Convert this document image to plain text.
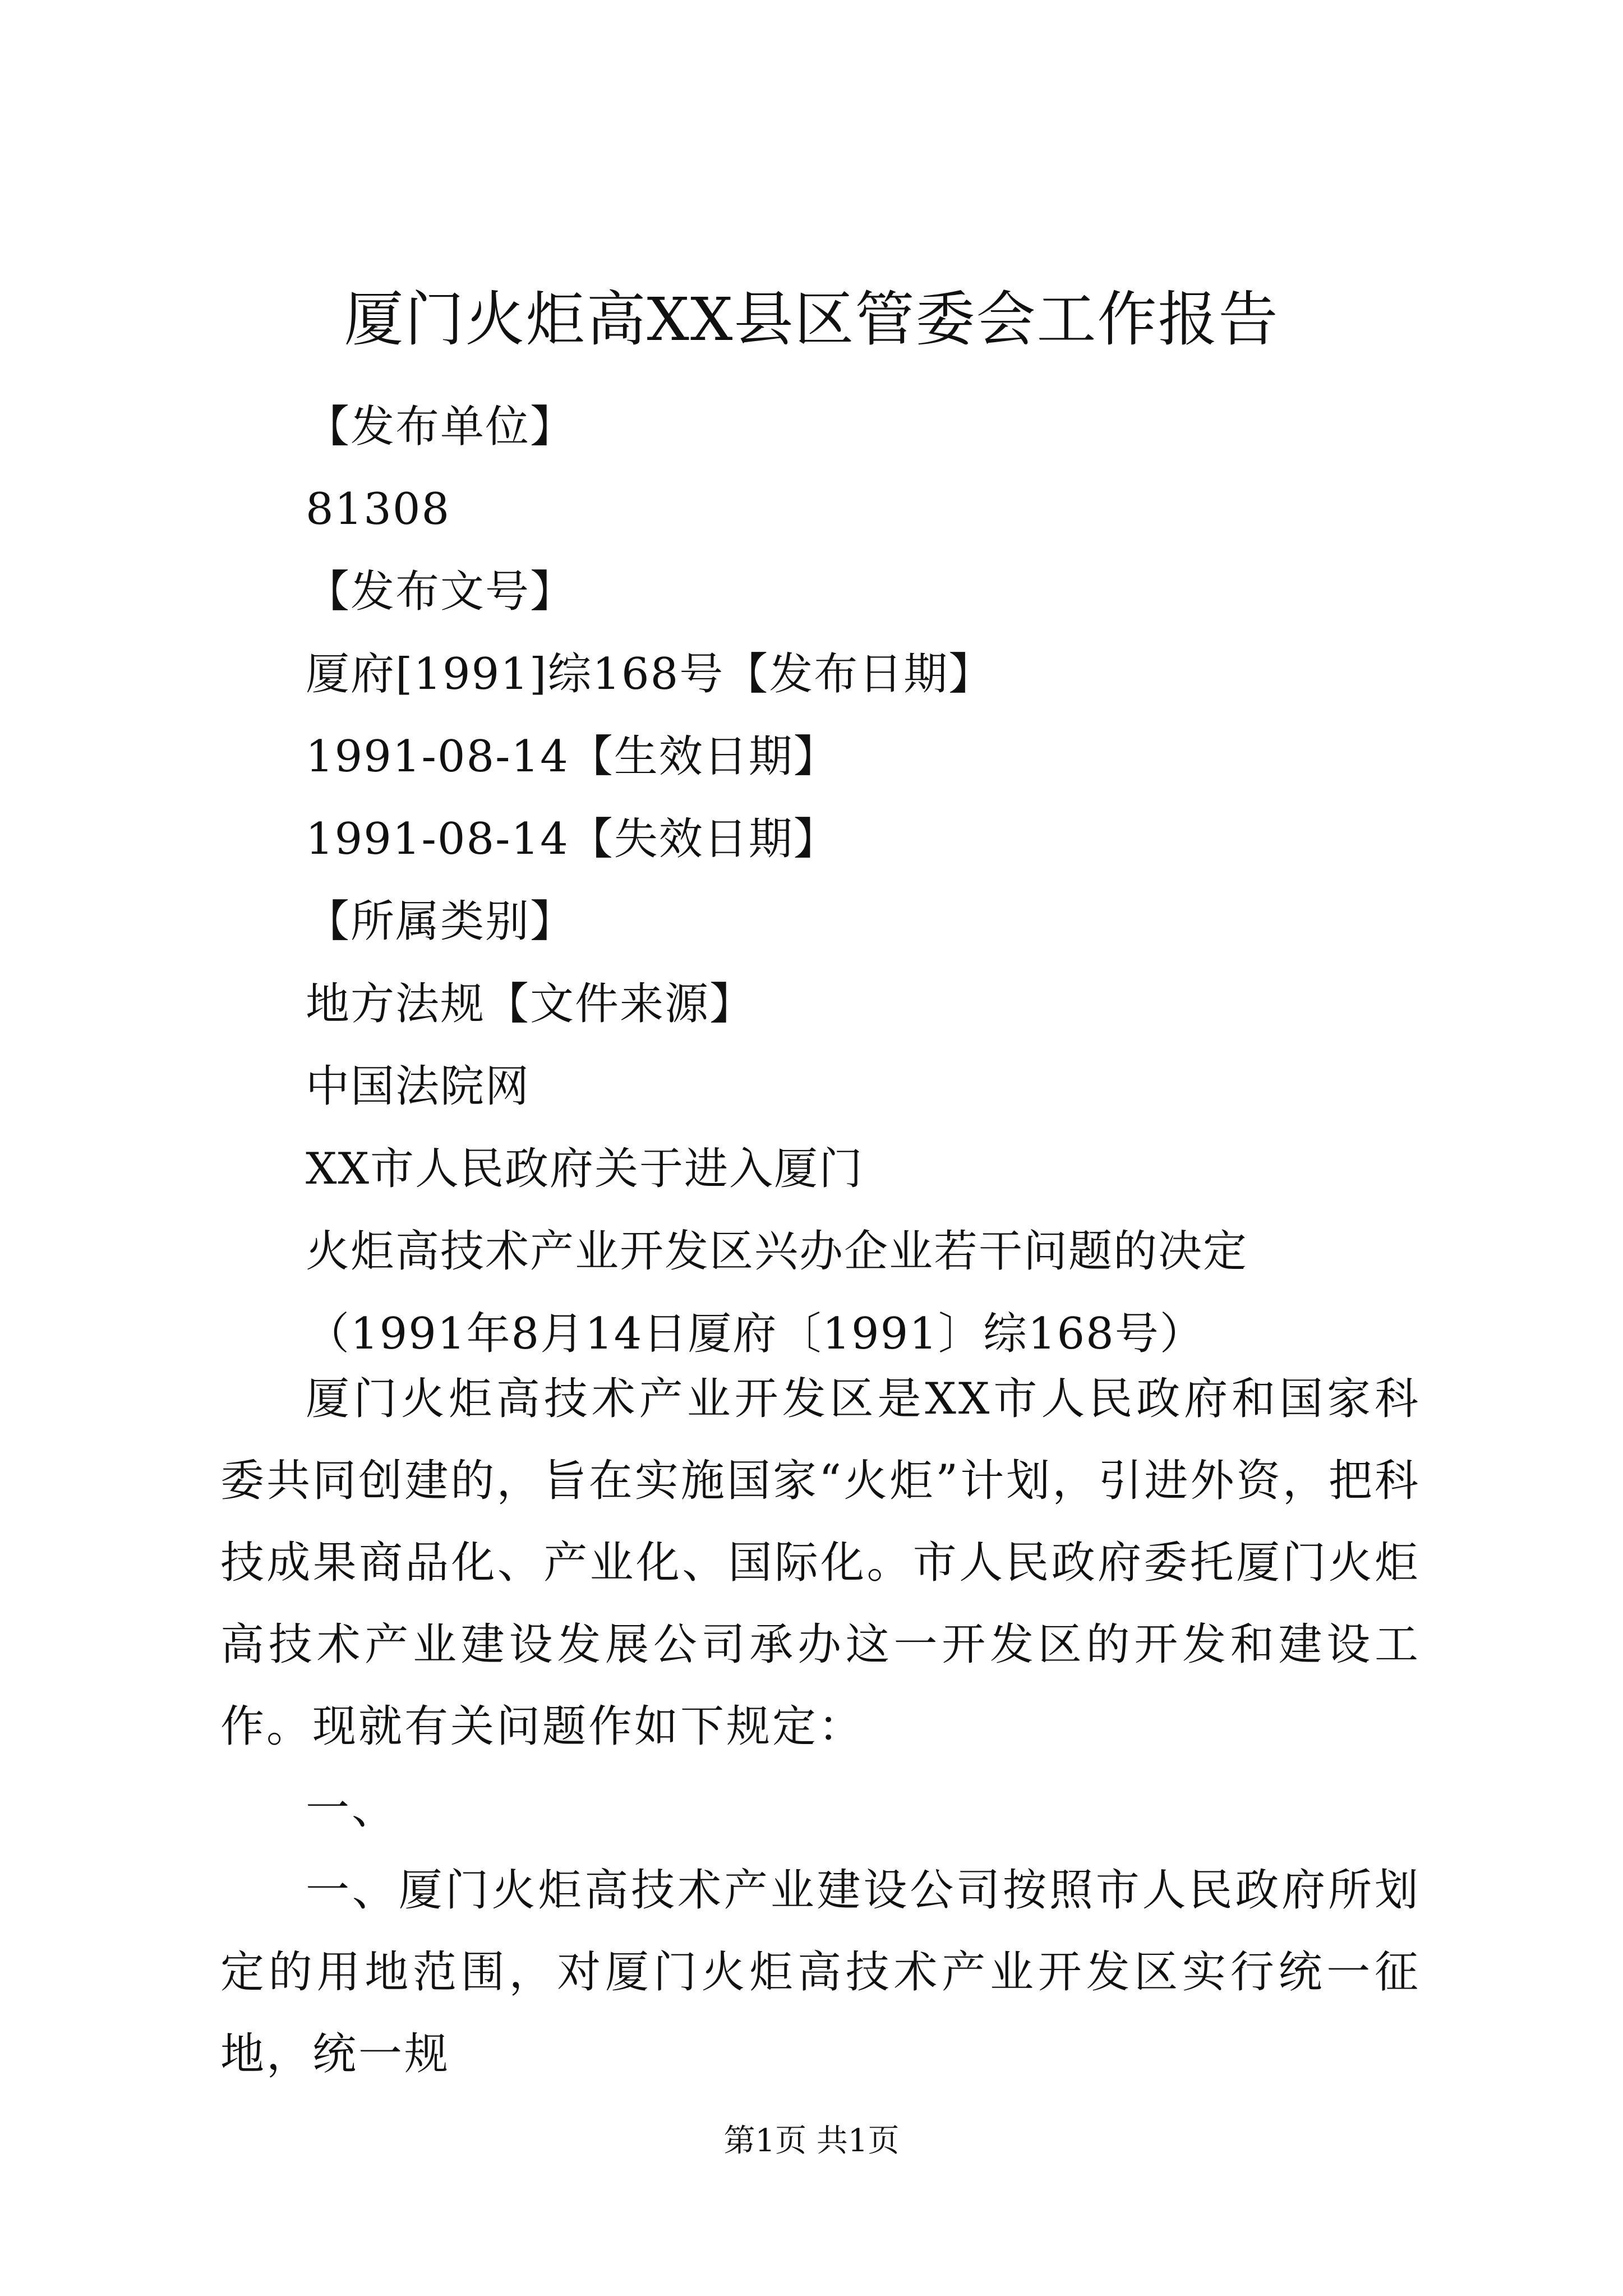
厦门火炬高XX县区管委会工作报告
【发布单位】
81308
【发布文号】
厦府[1991]综168号【发布日期】
1991-08-14【生效日期】
1991-08-14【失效日期】
【所属类别】
地方法规【文件来源】
中国法院网
XX市人民政府关于进入厦门
火炬高技术产业开发区兴办企业若干问题的决定
（1991年8月14日厦府〔1991〕综168号）

厦门火炬高技术产业开发区是XX市人民政府和国家科委共同创建的，旨在实施国家“火炬”计划，引进外资，把科技成果商品化、产业化、国际化。市人民政府委托厦门火炬高技术产业建设发展公司承办这一开发区的开发和建设工作。现就有关问题作如下规定：

一、

一、厦门火炬高技术产业建设公司按照市人民政府所划定的用地范围，对厦门火炬高技术产业开发区实行统一征地，统一规

第1页 共1页
